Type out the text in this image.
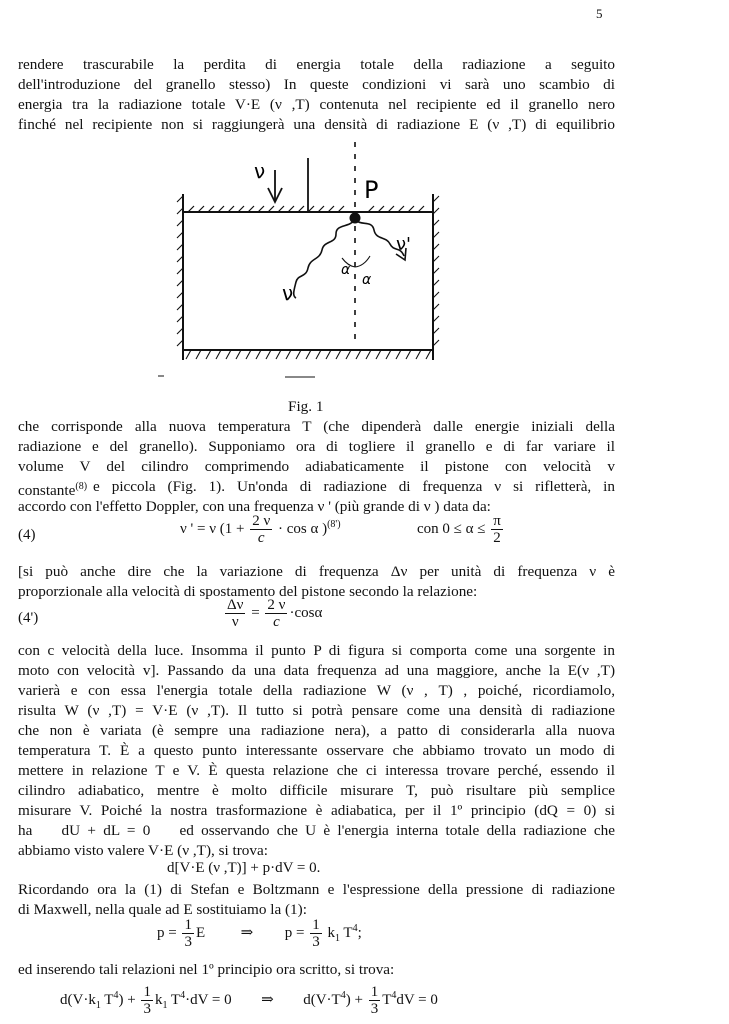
5
rendere trascurabile la perdita di energia totale della radiazione a seguito
dell'introduzione del granello stesso) In queste condizioni vi sarà uno scambio di
energia tra la radiazione totale V·E (ν ,T) contenuta nel recipiente ed il granello nero
finché nel recipiente non si raggiungerà una densità di radiazione E (ν ,T) di equilibrio
ν
P
ν'
α
α
ν
Fig. 1
che corrisponde alla nuova temperatura T (che dipenderà dalle energie iniziali della
radiazione e del granello). Supponiamo ora di togliere il granello e di far variare il
volume V del cilindro comprimendo adiabaticamente il pistone con velocità v
constante$^{(8)}$ e piccola (Fig. 1). Un'onda di radiazione di frequenza ν si rifletterà, in
accordo con l'effetto Doppler, con una frequenza ν ' (più grande di ν ) data da:
(4)	ν ' = ν ($1 + \frac{2 \nu}{c} \cdot \cos \alpha$ )$^{(8')}$	con $0 \le \alpha \le \frac{\pi}{2}$
[si può anche dire che la variazione di frequenza Δν per unità di frequenza ν è
proporzionale alla velocità di spostamento del pistone secondo la relazione:
(4')	$\frac{\Delta\nu}{\nu} = \frac{2 \nu}{c} \cdot\cos\alpha$
con c velocità della luce. Insomma il punto P di figura si comporta come una sorgente in
moto con velocità v]. Passando da una data frequenza ad una maggiore, anche la E(ν ,T)
varierà e con essa l'energia totale della radiazione W (ν , T) , poiché, ricordiamolo,
risulta W (ν ,T) = V·E (ν ,T). Il tutto si potrà pensare come una densità di radiazione
che non è variata (è sempre una radiazione nera), a patto di considerarla alla nuova
temperatura T. È a questo punto interessante osservare che abbiamo trovato un modo di
mettere in relazione T e V. È questa relazione che ci interessa trovare perché, essendo il
cilindro adiabatico, mentre è molto difficile misurare T, può risultare più semplice
misurare V. Poiché la nostra trasformazione è adiabatica, per il 1º principio (dQ = 0) si
ha    dU + dL = 0    ed osservando che U è l'energia interna totale della radiazione che
abbiamo visto valere V·E (ν ,T), si trova:
d[V·E (ν ,T)] + p·dV = 0.
Ricordando ora la (1) di Stefan e Boltzmann e l'espressione della pressione di radiazione
di Maxwell, nella quale ad E sostituiamo la (1):
$p = \frac{1}{3}$ E ⇒ $p = \frac{1}{3} k_1$ $T^4$;
ed inserendo tali relazioni nel 1º principio ora scritto, si trova:
$d(V\cdot k_1$ $T^4) + \frac{1}{3} k_1$ $T^4\cdot dV = 0$ ⇒ $d(V\cdot T^4) + \frac{1}{3} T^4dV = 0$
